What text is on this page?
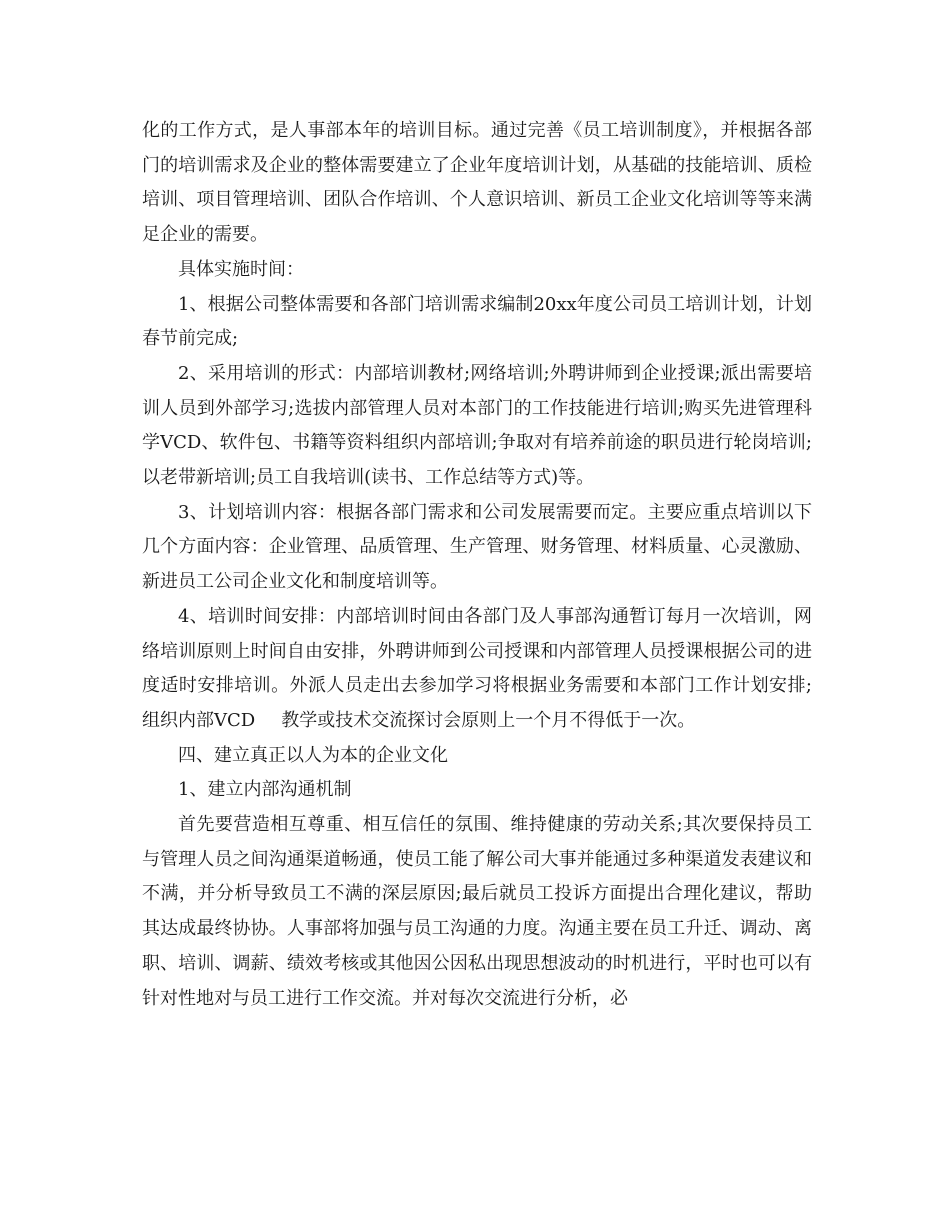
化的工作方式，是人事部本年的培训目标。通过完善《员工培训制度》，并根据各部门的培训需求及企业的整体需要建立了企业年度培训计划，从基础的技能培训、质检培训、项目管理培训、团队合作培训、个人意识培训、新员工企业文化培训等等来满足企业的需要。

具体实施时间：

1、根据公司整体需要和各部门培训需求编制20xx年度公司员工培训计划，计划春节前完成;

2、采用培训的形式：内部培训教材;网络培训;外聘讲师到企业授课;派出需要培训人员到外部学习;选拔内部管理人员对本部门的工作技能进行培训;购买先进管理科学VCD、软件包、书籍等资料组织内部培训;争取对有培养前途的职员进行轮岗培训;以老带新培训;员工自我培训(读书、工作总结等方式)等。

3、计划培训内容：根据各部门需求和公司发展需要而定。主要应重点培训以下几个方面内容：企业管理、品质管理、生产管理、财务管理、材料质量、心灵激励、新进员工公司企业文化和制度培训等。

4、培训时间安排：内部培训时间由各部门及人事部沟通暂订每月一次培训，网络培训原则上时间自由安排，外聘讲师到公司授课和内部管理人员授课根据公司的进度适时安排培训。外派人员走出去参加学习将根据业务需要和本部门工作计划安排;组织内部VCD 教学或技术交流探讨会原则上一个月不得低于一次。

四、建立真正以人为本的企业文化

1、建立内部沟通机制

首先要营造相互尊重、相互信任的氛围、维持健康的劳动关系;其次要保持员工与管理人员之间沟通渠道畅通，使员工能了解公司大事并能通过多种渠道发表建议和不满，并分析导致员工不满的深层原因;最后就员工投诉方面提出合理化建议，帮助其达成最终协协。人事部将加强与员工沟通的力度。沟通主要在员工升迁、调动、离职、培训、调薪、绩效考核或其他因公因私出现思想波动的时机进行，平时也可以有针对性地对与员工进行工作交流。并对每次交流进行分析，必
